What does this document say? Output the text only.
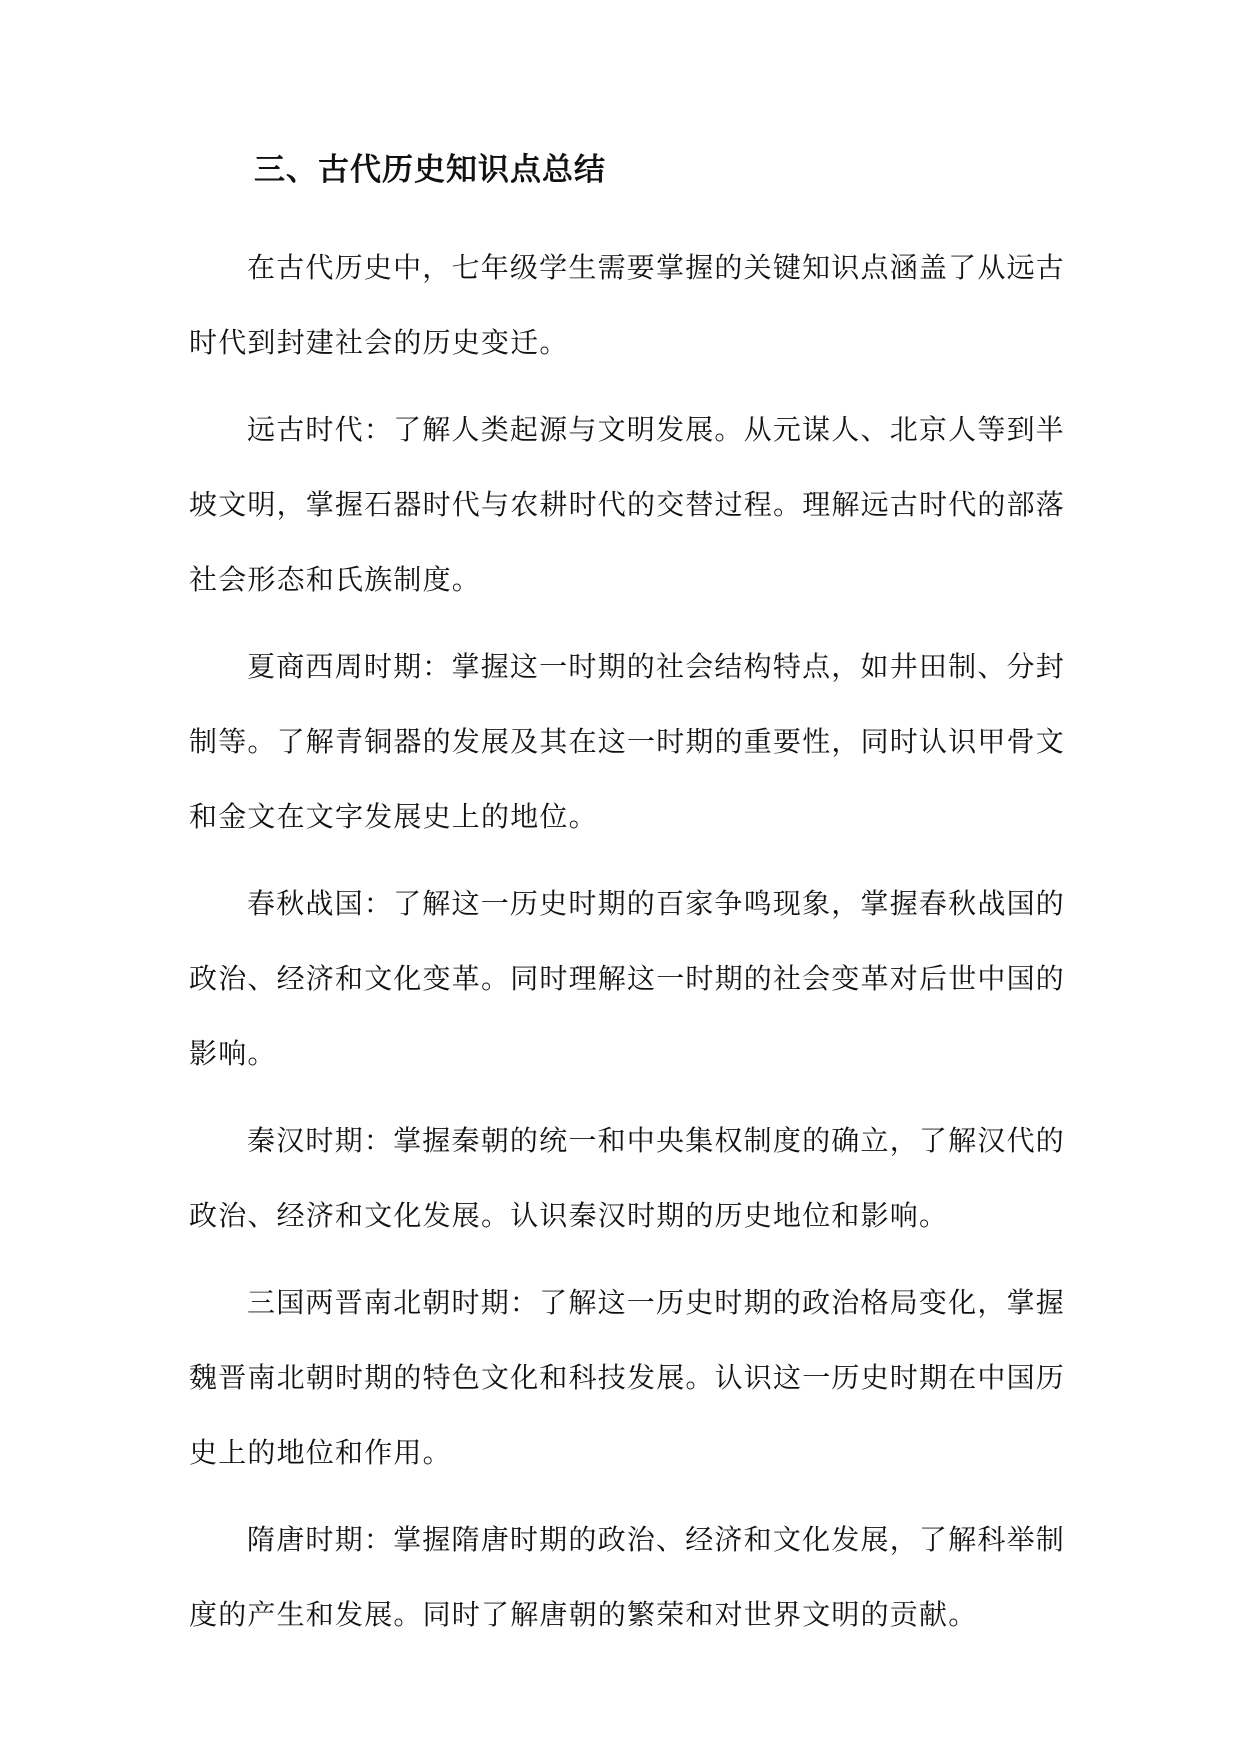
三、古代历史知识点总结

在古代历史中，七年级学生需要掌握的关键知识点涵盖了从远古时代到封建社会的历史变迁。

远古时代：了解人类起源与文明发展。从元谋人、北京人等到半坡文明，掌握石器时代与农耕时代的交替过程。理解远古时代的部落社会形态和氏族制度。

夏商西周时期：掌握这一时期的社会结构特点，如井田制、分封制等。了解青铜器的发展及其在这一时期的重要性，同时认识甲骨文和金文在文字发展史上的地位。

春秋战国：了解这一历史时期的百家争鸣现象，掌握春秋战国的政治、经济和文化变革。同时理解这一时期的社会变革对后世中国的影响。

秦汉时期：掌握秦朝的统一和中央集权制度的确立，了解汉代的政治、经济和文化发展。认识秦汉时期的历史地位和影响。

三国两晋南北朝时期：了解这一历史时期的政治格局变化，掌握魏晋南北朝时期的特色文化和科技发展。认识这一历史时期在中国历史上的地位和作用。

隋唐时期：掌握隋唐时期的政治、经济和文化发展，了解科举制度的产生和发展。同时了解唐朝的繁荣和对世界文明的贡献。
